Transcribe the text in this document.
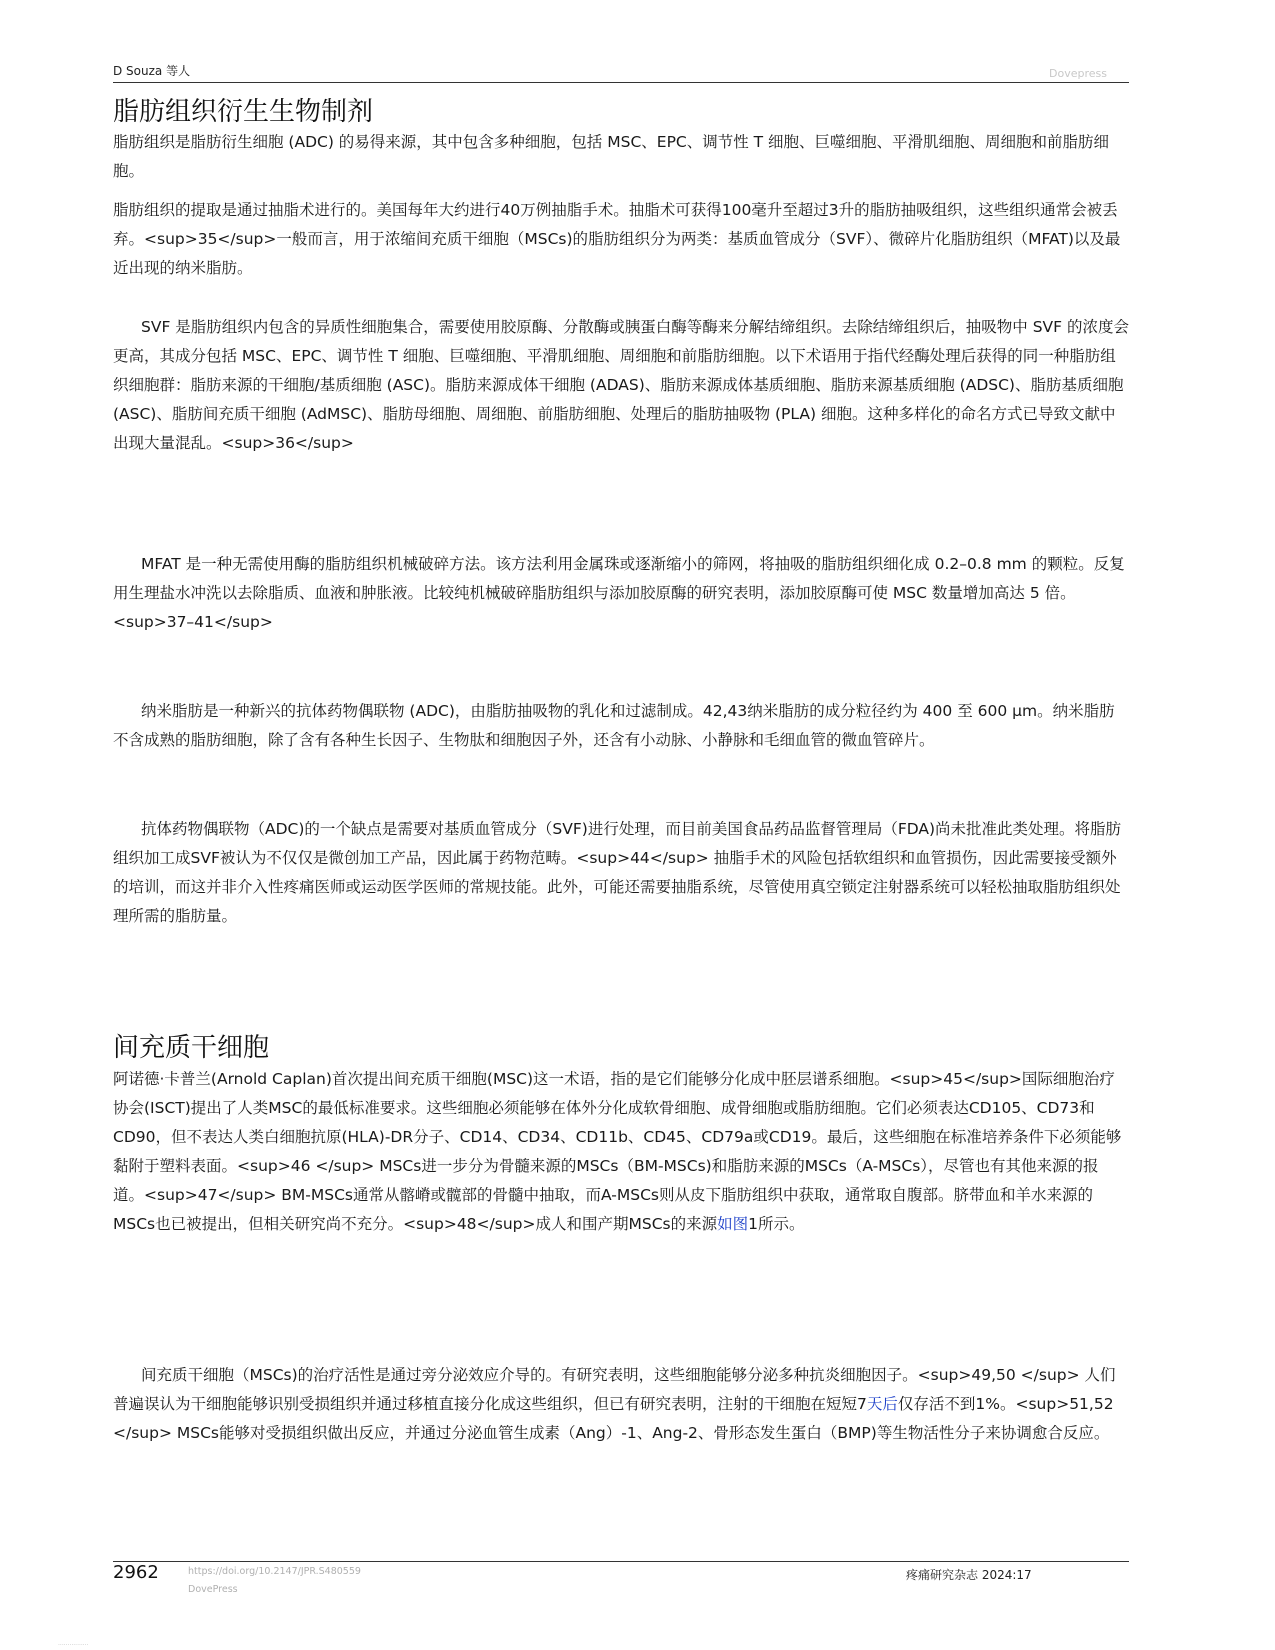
D Souza 等人	Dovepress
脂肪组织衍生生物制剂

脂肪组织是脂肪衍生细胞 (ADC) 的易得来源，其中包含多种细胞，包括 MSC、EPC、调节性 T 细胞、巨噬细胞、平滑肌细胞、周细胞和前脂肪细胞。

脂肪组织的提取是通过抽脂术进行的。美国每年大约进行40万例抽脂手术。抽脂术可获得100毫升至超过3升的脂肪抽吸组织，这些组织通常会被丢弃。<sup>35</sup>一般而言，用于浓缩间充质干细胞（MSCs)的脂肪组织分为两类：基质血管成分（SVF）、微碎片化脂肪组织（MFAT)以及最近出现的纳米脂肪。

SVF 是脂肪组织内包含的异质性细胞集合，需要使用胶原酶、分散酶或胰蛋白酶等酶来分解结缔组织。去除结缔组织后，抽吸物中 SVF 的浓度会更高，其成分包括 MSC、EPC、调节性 T 细胞、巨噬细胞、平滑肌细胞、周细胞和前脂肪细胞。以下术语用于指代经酶处理后获得的同一种脂肪组织细胞群：脂肪来源的干细胞/基质细胞 (ASC)。脂肪来源成体干细胞 (ADAS)、脂肪来源成体基质细胞、脂肪来源基质细胞 (ADSC)、脂肪基质细胞 (ASC)、脂肪间充质干细胞 (AdMSC)、脂肪母细胞、周细胞、前脂肪细胞、处理后的脂肪抽吸物 (PLA) 细胞。这种多样化的命名方式已导致文献中出现大量混乱。<sup>36</sup>

MFAT 是一种无需使用酶的脂肪组织机械破碎方法。该方法利用金属珠或逐渐缩小的筛网，将抽吸的脂肪组织细化成 0.2–0.8 mm 的颗粒。反复用生理盐水冲洗以去除脂质、血液和肿胀液。比较纯机械破碎脂肪组织与添加胶原酶的研究表明，添加胶原酶可使 MSC 数量增加高达 5 倍。<sup>37–41</sup>

纳米脂肪是一种新兴的抗体药物偶联物 (ADC)，由脂肪抽吸物的乳化和过滤制成。42,43纳米脂肪的成分粒径约为 400 至 600 µm。纳米脂肪不含成熟的脂肪细胞，除了含有各种生长因子、生物肽和细胞因子外，还含有小动脉、小静脉和毛细血管的微血管碎片。

抗体药物偶联物（ADC)的一个缺点是需要对基质血管成分（SVF)进行处理，而目前美国食品药品监督管理局（FDA)尚未批准此类处理。将脂肪组织加工成SVF被认为不仅仅是微创加工产品，因此属于药物范畴。<sup>44</sup> 抽脂手术的风险包括软组织和血管损伤，因此需要接受额外的培训，而这并非介入性疼痛医师或运动医学医师的常规技能。此外，可能还需要抽脂系统，尽管使用真空锁定注射器系统可以轻松抽取脂肪组织处理所需的脂肪量。

间充质干细胞

阿诺德·卡普兰(Arnold Caplan)首次提出间充质干细胞(MSC)这一术语，指的是它们能够分化成中胚层谱系细胞。<sup>45</sup>国际细胞治疗协会(ISCT)提出了人类MSC的最低标准要求。这些细胞必须能够在体外分化成软骨细胞、成骨细胞或脂肪细胞。它们必须表达CD105、CD73和CD90，但不表达人类白细胞抗原(HLA)-DR分子、CD14、CD34、CD11b、CD45、CD79a或CD19。最后，这些细胞在标准培养条件下必须能够黏附于塑料表面。<sup>46 </sup> MSCs进一步分为骨髓来源的MSCs（BM-MSCs)和脂肪来源的MSCs（A-MSCs），尽管也有其他来源的报道。<sup>47</sup> BM-MSCs通常从髂嵴或髋部的骨髓中抽取，而A-MSCs则从皮下脂肪组织中获取，通常取自腹部。脐带血和羊水来源的MSCs也已被提出，但相关研究尚不充分。<sup>48</sup>成人和围产期MSCs的来源如图1所示。

间充质干细胞（MSCs)的治疗活性是通过旁分泌效应介导的。有研究表明，这些细胞能够分泌多种抗炎细胞因子。<sup>49,50 </sup> 人们普遍误认为干细胞能够识别受损组织并通过移植直接分化成这些组织，但已有研究表明，注射的干细胞在短短7天后仅存活不到1%。<sup>51,52 </sup> MSCs能够对受损组织做出反应，并通过分泌血管生成素（Ang）-1、Ang-2、骨形态发生蛋白（BMP)等生物活性分子来协调愈合反应。

2962	https://doi.org/10.2147/JPR.S480559
DovePress
疼痛研究杂志 2024:17
................
